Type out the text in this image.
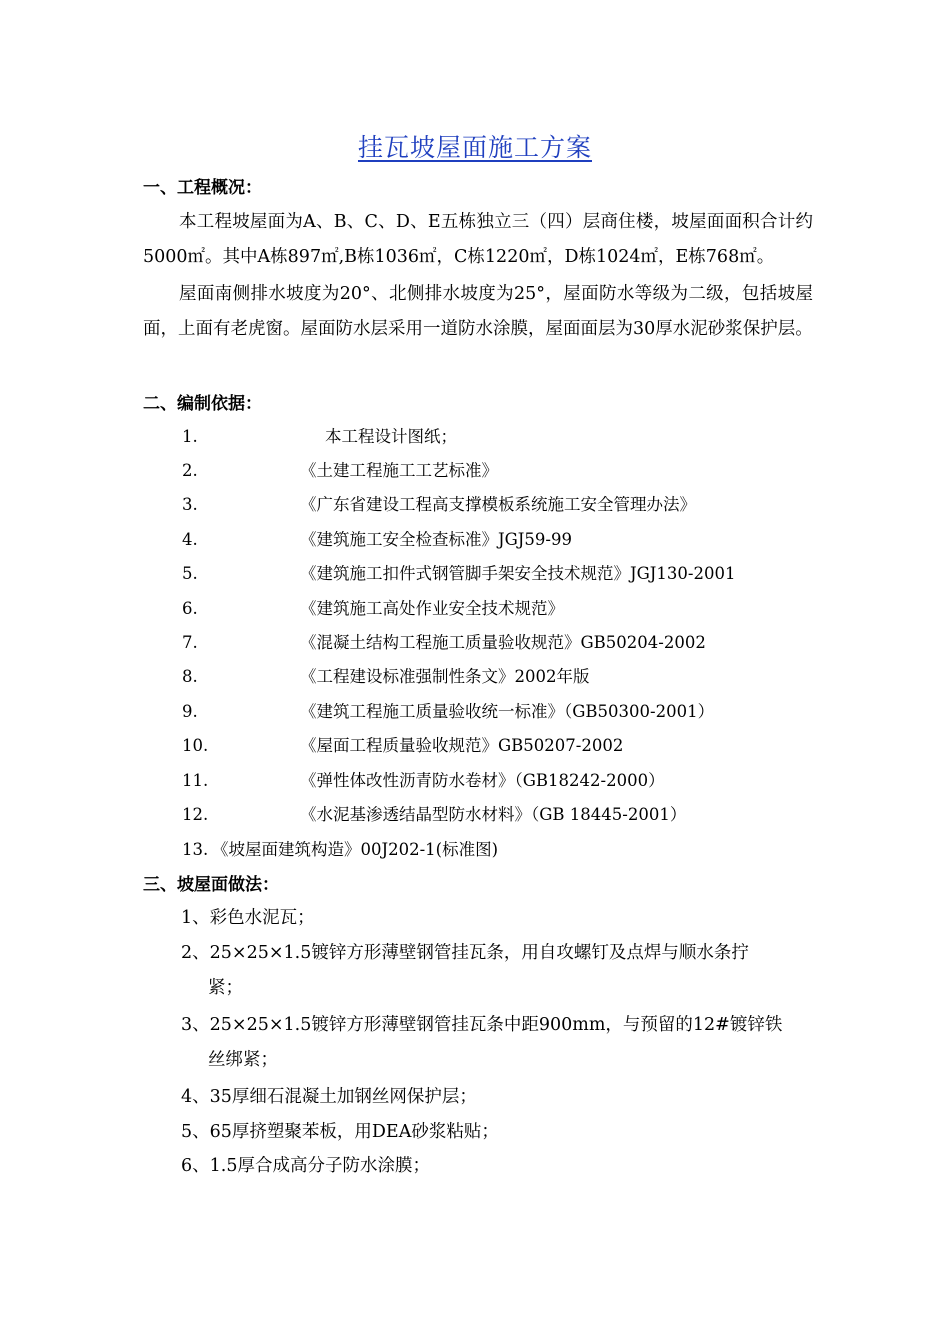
挂瓦坡屋面施工方案
一、工程概况：
本工程坡屋面为A、B、C、D、E五栋独立三（四）层商住楼，坡屋面面积合计约5000㎡。其中A栋897㎡,B栋1036㎡，C栋1220㎡，D栋1024㎡，E栋768㎡。
屋面南侧排水坡度为20°、北侧排水坡度为25°，屋面防水等级为二级，包括坡屋面，上面有老虎窗。屋面防水层采用一道防水涂膜，屋面面层为30厚水泥砂浆保护层。
二、编制依据：
1.	本工程设计图纸；
2.	《土建工程施工工艺标准》
3.	《广东省建设工程高支撑模板系统施工安全管理办法》
4.	《建筑施工安全检查标准》JGJ59-99
5.	《建筑施工扣件式钢管脚手架安全技术规范》JGJ130-2001
6.	《建筑施工高处作业安全技术规范》
7.	《混凝土结构工程施工质量验收规范》GB50204-2002
8.	《工程建设标准强制性条文》2002年版
9.	《建筑工程施工质量验收统一标准》（GB50300-2001）
10.	《屋面工程质量验收规范》GB50207-2002
11.	《弹性体改性沥青防水卷材》（GB18242-2000）
12.	《水泥基渗透结晶型防水材料》（GB 18445-2001）
13. 《坡屋面建筑构造》00J202-1(标准图)
三、坡屋面做法：
1、彩色水泥瓦；
2、25×25×1.5镀锌方形薄壁钢管挂瓦条，用自攻螺钉及点焊与顺水条拧
紧；
3、25×25×1.5镀锌方形薄壁钢管挂瓦条中距900mm，与预留的12#镀锌铁
丝绑紧；
4、35厚细石混凝土加钢丝网保护层；
5、65厚挤塑聚苯板，用DEA砂浆粘贴；
6、1.5厚合成高分子防水涂膜；
